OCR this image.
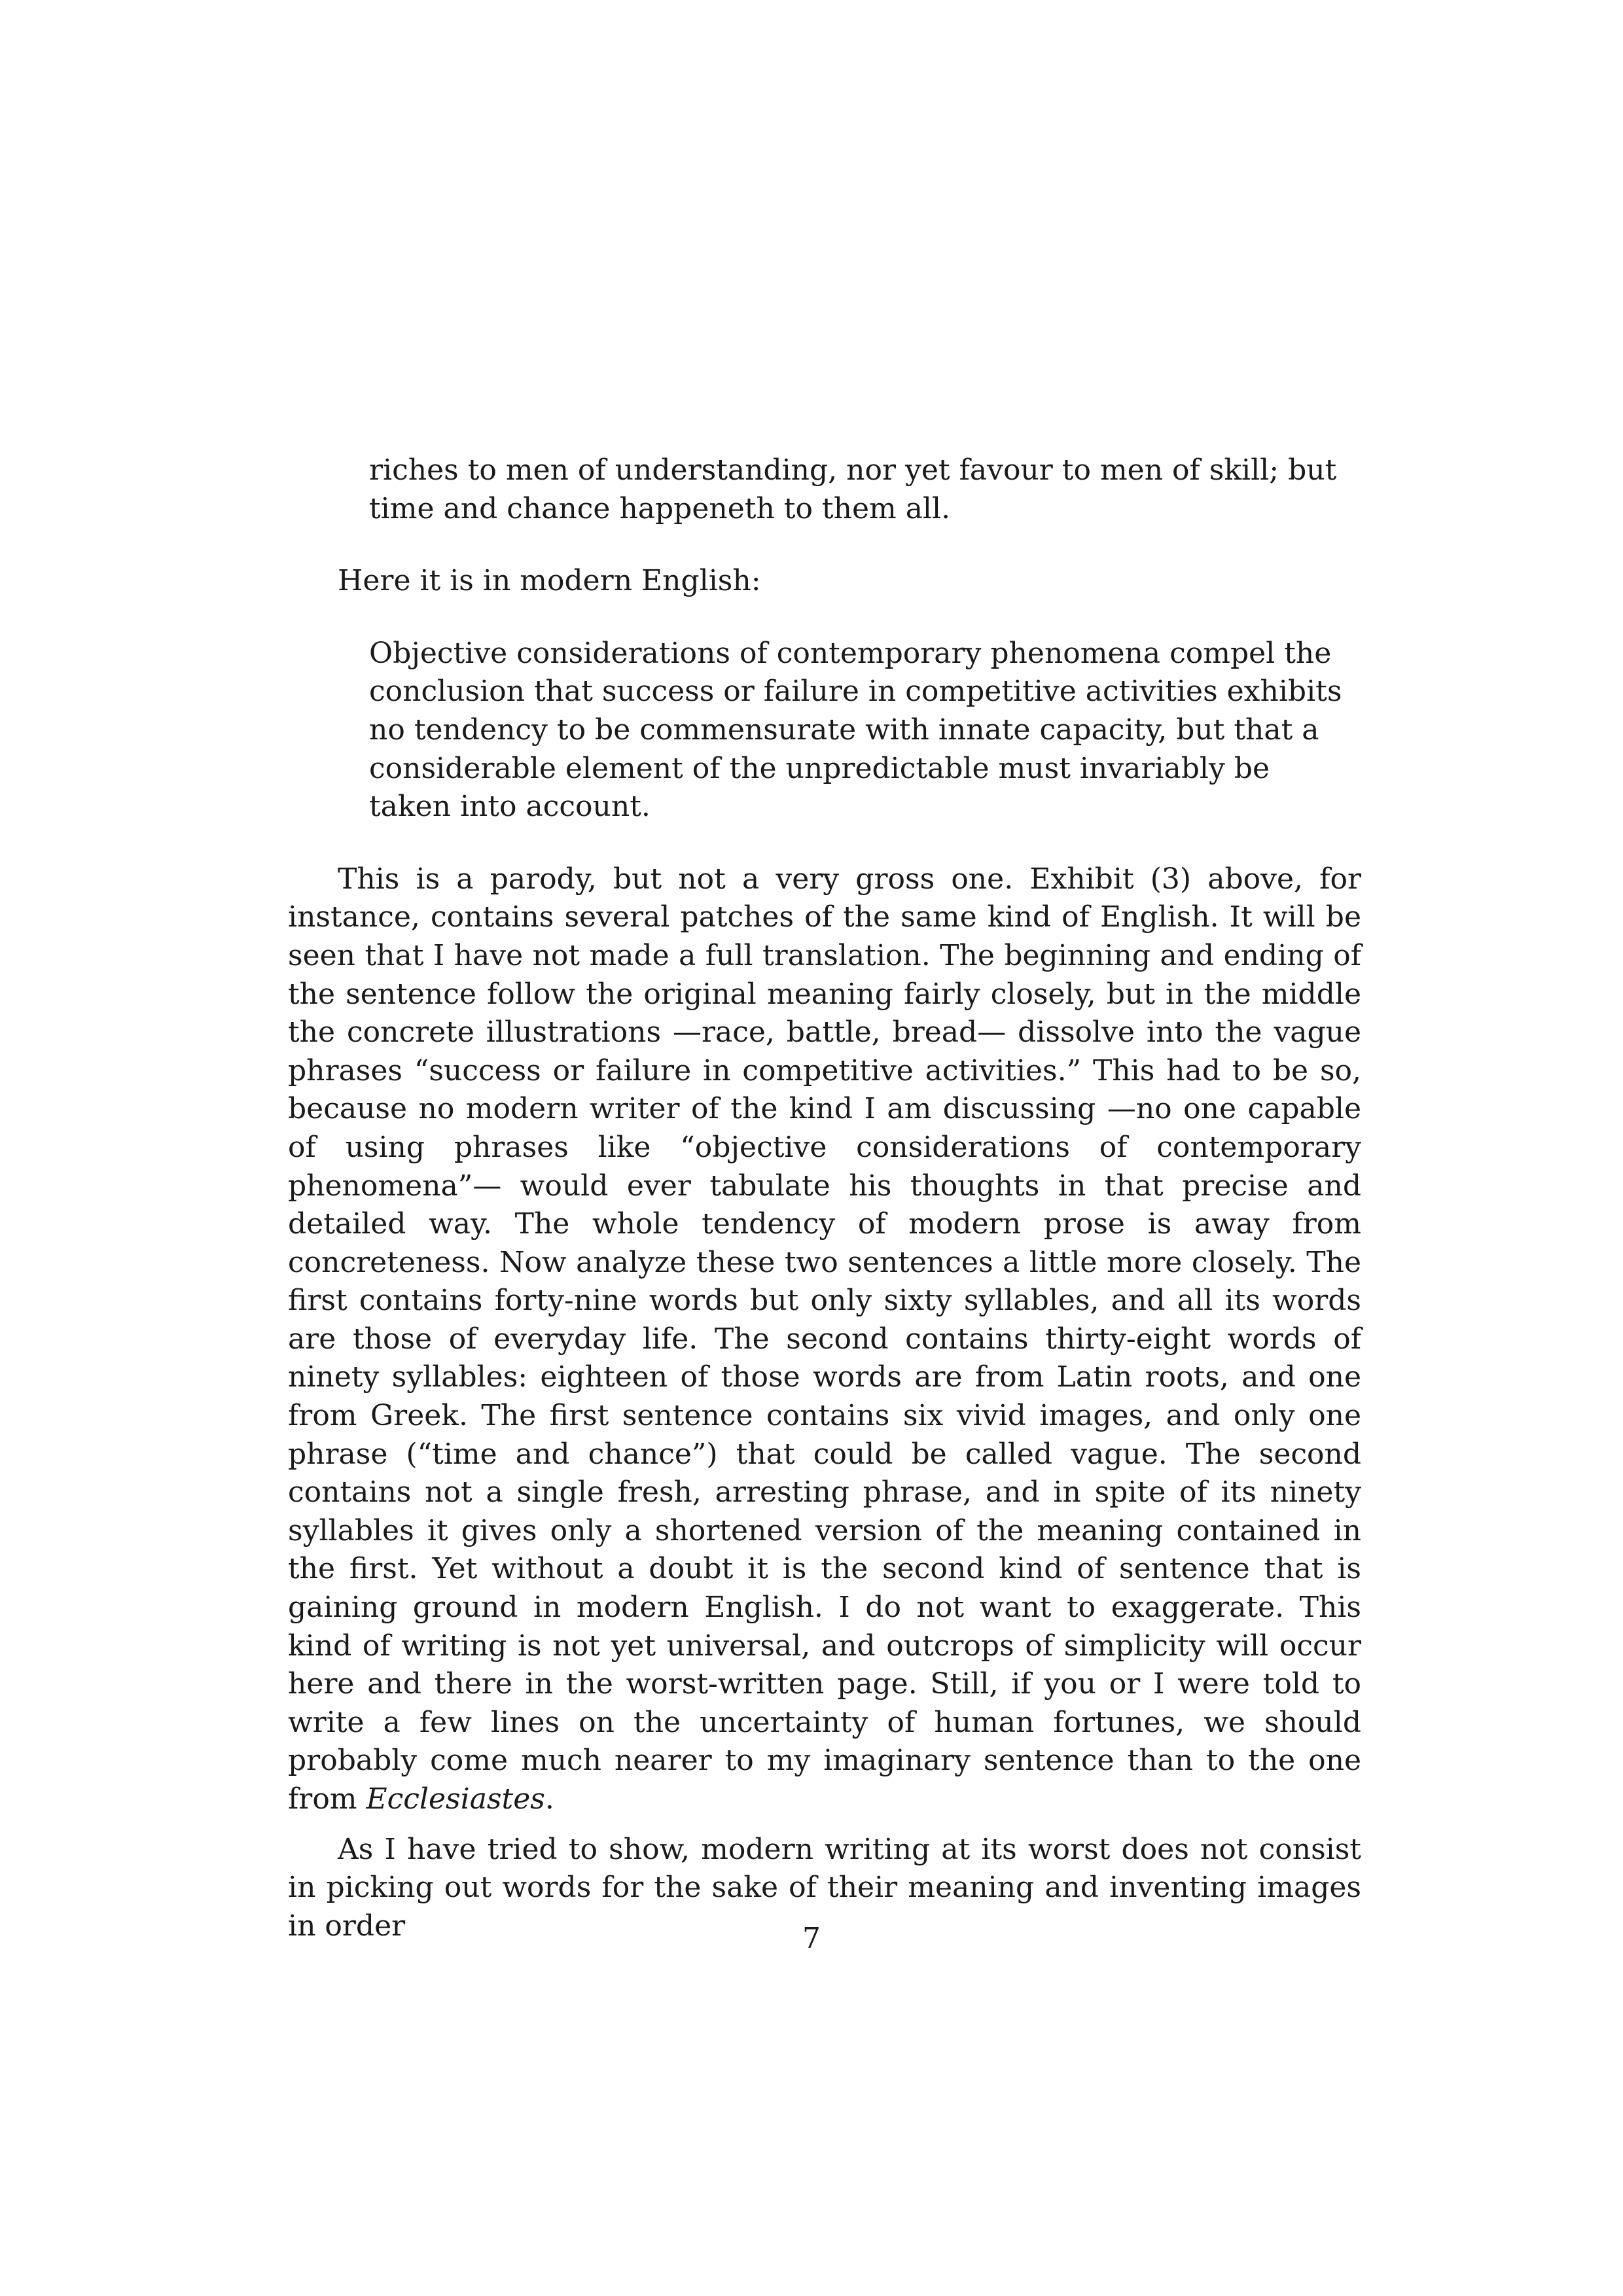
riches to men of understanding, nor yet favour to men of skill; but time and chance happeneth to them all.

Here it is in modern English:

Objective considerations of contemporary phenomena compel the conclusion that success or failure in competitive activities exhibits no tendency to be commensurate with innate capacity, but that a considerable element of the unpredictable must invariably be taken into account.

This is a parody, but not a very gross one. Exhibit (3) above, for instance, contains several patches of the same kind of English. It will be seen that I have not made a full translation. The beginning and ending of the sentence follow the original meaning fairly closely, but in the middle the concrete illustrations —race, battle, bread— dissolve into the vague phrases “success or failure in competitive activities.” This had to be so, because no modern writer of the kind I am discussing —no one capable of using phrases like “objective considerations of contemporary phenomena”— would ever tabulate his thoughts in that precise and detailed way. The whole tendency of modern prose is away from concreteness. Now analyze these two sentences a little more closely. The first contains forty-nine words but only sixty syllables, and all its words are those of everyday life. The second contains thirty-eight words of ninety syllables: eighteen of those words are from Latin roots, and one from Greek. The first sentence contains six vivid images, and only one phrase (“time and chance”) that could be called vague. The second contains not a single fresh, arresting phrase, and in spite of its ninety syllables it gives only a shortened version of the meaning contained in the first. Yet without a doubt it is the second kind of sentence that is gaining ground in modern English. I do not want to exaggerate. This kind of writing is not yet universal, and outcrops of simplicity will occur here and there in the worst-written page. Still, if you or I were told to write a few lines on the uncertainty of human fortunes, we should probably come much nearer to my imaginary sentence than to the one from Ecclesiastes.

As I have tried to show, modern writing at its worst does not consist in picking out words for the sake of their meaning and inventing images in order	7
